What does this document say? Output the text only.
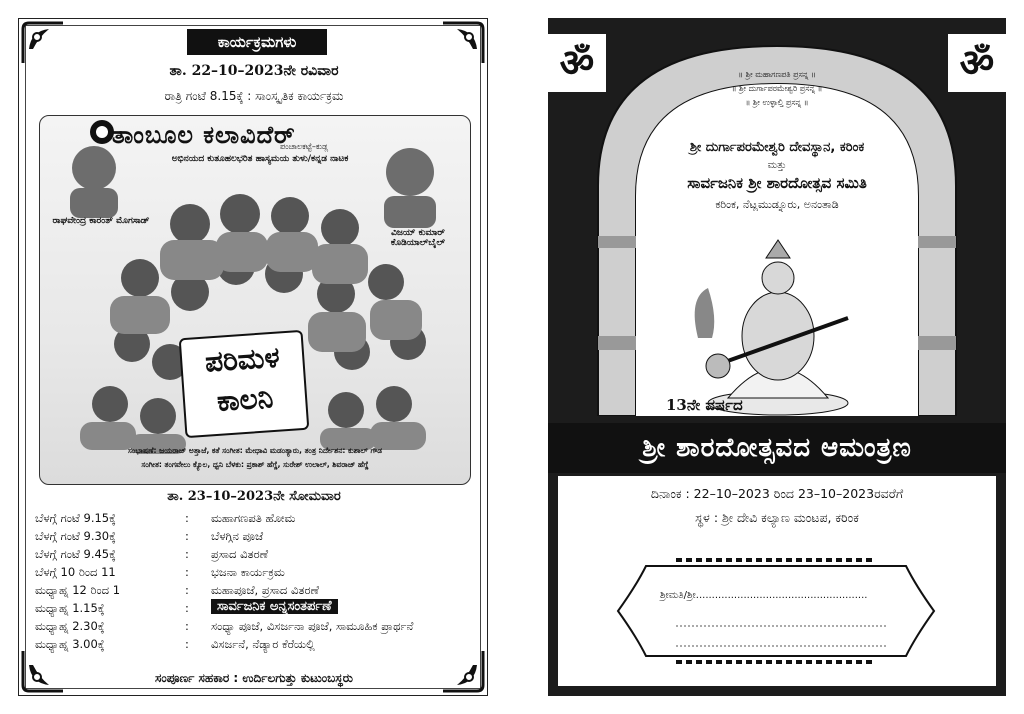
ಕಾರ್ಯಕ್ರಮಗಳು
ತಾ. 22–10–2023ನೇ ರವಿವಾರ
ರಾತ್ರಿ ಗಂಟೆ 8.15ಕ್ಕೆ : ಸಾಂಸ್ಕೃತಿಕ ಕಾರ್ಯಕ್ರಮ
ತಾಂಬೂಲ ಕಲಾವಿದೆರ್
ಪಂಚಾಲಕಟ್ಟೆ–ಕುಡ್ಲ
ಅಭಿನಯದ ಕುತೂಹಲಭರಿತ ಹಾಸ್ಯಮಯ ತುಳು/ಕನ್ನಡ ನಾಟಕ
ರಾಘವೇಂದ್ರ ಕಾರಂತ್ ಮೊಗಸಾಡ್
ವಿಜಯ್ ಕುಮಾರ್ ಕೊಡಿಯಾಲ್‌ಬೈಲ್
ಪರಿಮಳ
ಕಾಲನಿ
ಸಂಭಾಷಣೆ: ಜಯರಾಜ್ ಅತ್ತಾಜೆ, ಕತೆ ಸಂಗೀತ: ಮೇಧಾವಿ ಮಡಂತ್ಯಾರು, ತಂತ್ರ ನಿರ್ದೇಶನ: ಕುಶಾಲ್ ಗೌಡ
ಸಂಗೀತ: ತಂಗವೇಲು ಕ್ಯೊಲ, ಧ್ವನಿ ಬೆಳಕು: ಪ್ರಕಾಶ್ ಹೆಗ್ಡೆ, ಸುರೇಶ್ ಉಲಾಲ್, ಶಿವರಾಜ್ ಹೆಗ್ಡೆ
ತಾ. 23–10–2023ನೇ ಸೋಮವಾರ
ಬೆಳಗ್ಗೆ ಗಂಟೆ 9.15ಕ್ಕೆ	: ಮಹಾಗಣಪತಿ ಹೋಮ
ಬೆಳಗ್ಗೆ ಗಂಟೆ 9.30ಕ್ಕೆ	: ಬೆಳಗ್ಗಿನ ಪೂಜೆ
ಬೆಳಗ್ಗೆ ಗಂಟೆ 9.45ಕ್ಕೆ	: ಪ್ರಸಾದ ವಿತರಣೆ
ಬೆಳಗ್ಗೆ 10 ರಿಂದ 11	: ಭಜನಾ ಕಾರ್ಯಕ್ರಮ
ಮಧ್ಯಾಹ್ನ 12 ರಿಂದ 1	: ಮಹಾಪೂಜೆ, ಪ್ರಸಾದ ವಿತರಣೆ
ಮಧ್ಯಾಹ್ನ 1.15ಕ್ಕೆ	:	ಸಾರ್ವಜನಿಕ ಅನ್ನಸಂತರ್ಪಣೆ
ಮಧ್ಯಾಹ್ನ 2.30ಕ್ಕೆ	: ಸಂಧ್ಯಾ ಪೂಜೆ, ವಿಸರ್ಜನಾ ಪೂಜೆ, ಸಾಮೂಹಿಕ ಪ್ರಾರ್ಥನೆ
ಮಧ್ಯಾಹ್ನ 3.00ಕ್ಕೆ	: ವಿಸರ್ಜನೆ, ನೆಡ್ಯಾರ ಕೆರೆಯಲ್ಲಿ
ಸಂಪೂರ್ಣ ಸಹಕಾರ : ಉರ್ದಿಲಗುತ್ತು ಕುಟುಂಬಸ್ಥರು
ॐ	ॐ
॥ ಶ್ರೀ ಮಹಾಗಣಪತಿ ಪ್ರಸನ್ನ ॥
॥ ಶ್ರೀ ದುರ್ಗಾಪರಮೇಶ್ವರಿ ಪ್ರಸನ್ನ ॥
॥ ಶ್ರೀ ಉಳ್ಳಾಲ್ತಿ ಪ್ರಸನ್ನ ॥
ಶ್ರೀ ದುರ್ಗಾಪರಮೇಶ್ವರಿ ದೇವಸ್ಥಾನ, ಕರಿಂಕ
ಮತ್ತು
ಸಾರ್ವಜನಿಕ ಶ್ರೀ ಶಾರದೋತ್ಸವ ಸಮಿತಿ
ಕರಿಂಕ, ನೆಟ್ಲಮುಡ್ನೂರು, ಅನಂತಾಡಿ
13ನೇ ವರ್ಷದ
ಶ್ರೀ ಶಾರದೋತ್ಸವದ ಆಮಂತ್ರಣ
ದಿನಾಂಕ : 22–10–2023 ರಿಂದ 23–10–2023ರವರೆಗೆ
ಸ್ಥಳ : ಶ್ರೀ ದೇವಿ ಕಲ್ಯಾಣ ಮಂಟಪ, ಕರಿಂಕ
ಶ್ರೀಮತಿ/ಶ್ರೀ......................................................
